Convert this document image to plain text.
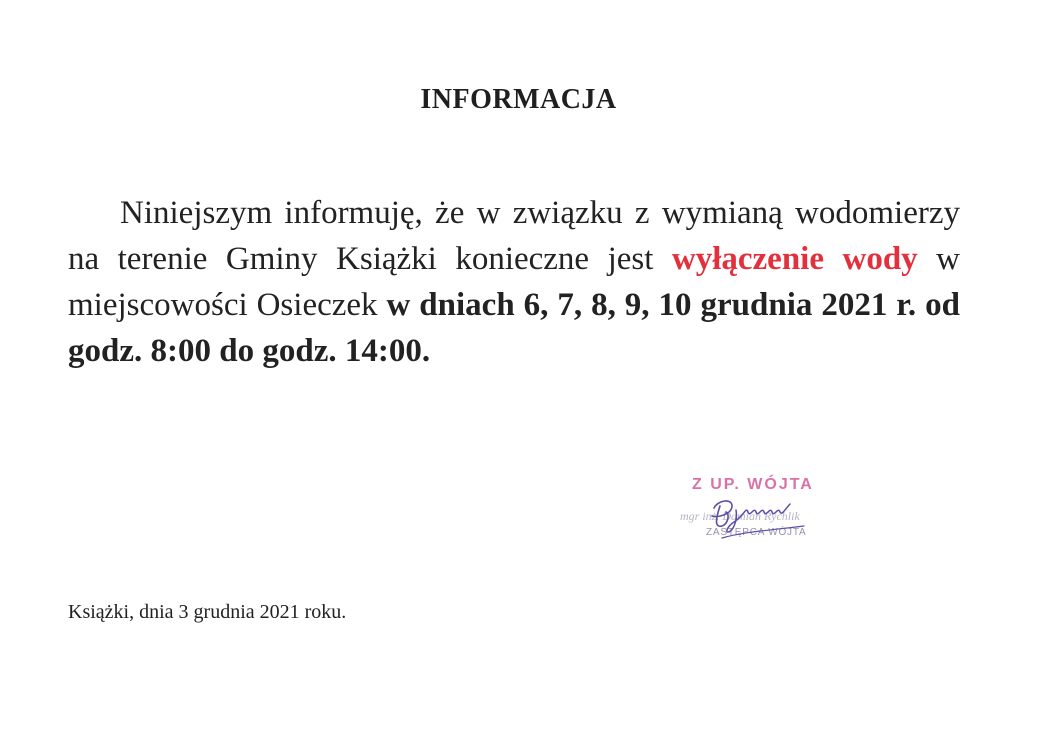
INFORMACJA

Niniejszym informuję, że w związku z wymianą wodomierzy na terenie Gminy Książki konieczne jest wyłączenie wody w miejscowości Osieczek w dniach 6, 7, 8, 9, 10 grudnia 2021 r. od godz. 8:00 do godz. 14:00.

Z UP. WÓJTA
mgr inż. Damian Rychlik
ZASTĘPCA WÓJTA
Książki, dnia 3 grudnia 2021 roku.
